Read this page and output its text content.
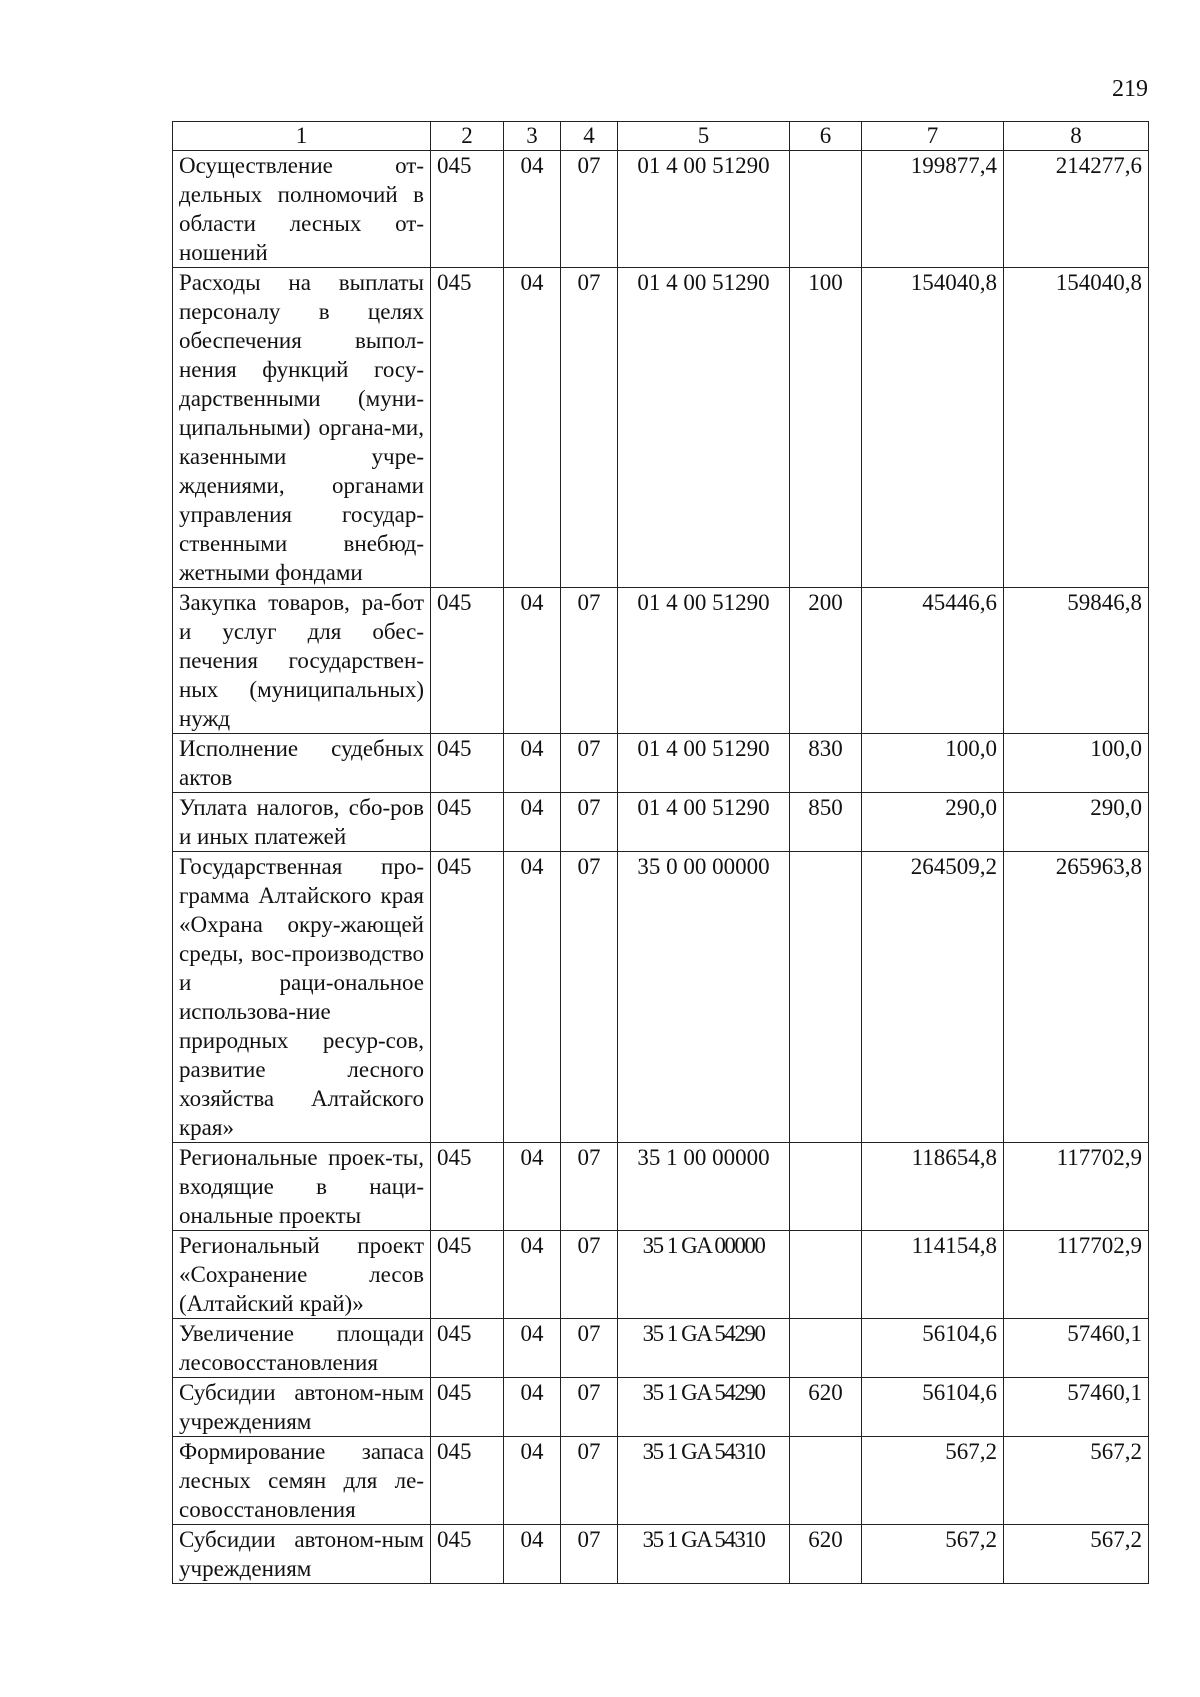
219
1	2	3	4	5	6	7	8
Осуществление от-дельных полномочий в области лесных от-ношений	045	04	07	01 4 00 51290		199877,4	214277,6
Расходы на выплаты персоналу в целях обеспечения выпол-нения функций госу-дарственными (муни-ципальными) органа-ми, казенными учре-ждениями, органами управления государ-ственными внебюд-жетными фондами	045	04	07	01 4 00 51290	100	154040,8	154040,8
Закупка товаров, ра-бот и услуг для обес-печения государствен-ных (муниципальных) нужд	045	04	07	01 4 00 51290	200	45446,6	59846,8
Исполнение судебных актов	045	04	07	01 4 00 51290	830	100,0	100,0
Уплата налогов, сбо-ров и иных платежей	045	04	07	01 4 00 51290	850	290,0	290,0
Государственная про-грамма Алтайского края «Охрана окру-жающей среды, вос-производство и раци-ональное использова-ние природных ресур-сов, развитие лесного хозяйства Алтайского края»	045	04	07	35 0 00 00000		264509,2	265963,8
Региональные проек-ты, входящие в наци-ональные проекты	045	04	07	35 1 00 00000		118654,8	117702,9
Региональный проект «Сохранение лесов (Алтайский край)»	045	04	07	35 1 GA 00000		114154,8	117702,9
Увеличение площади лесовосстановления	045	04	07	35 1 GA 54290		56104,6	57460,1
Субсидии автоном-ным учреждениям	045	04	07	35 1 GA 54290	620	56104,6	57460,1
Формирование запаса лесных семян для ле-совосстановления	045	04	07	35 1 GA 54310		567,2	567,2
Субсидии автоном-ным учреждениям	045	04	07	35 1 GA 54310	620	567,2	567,2
